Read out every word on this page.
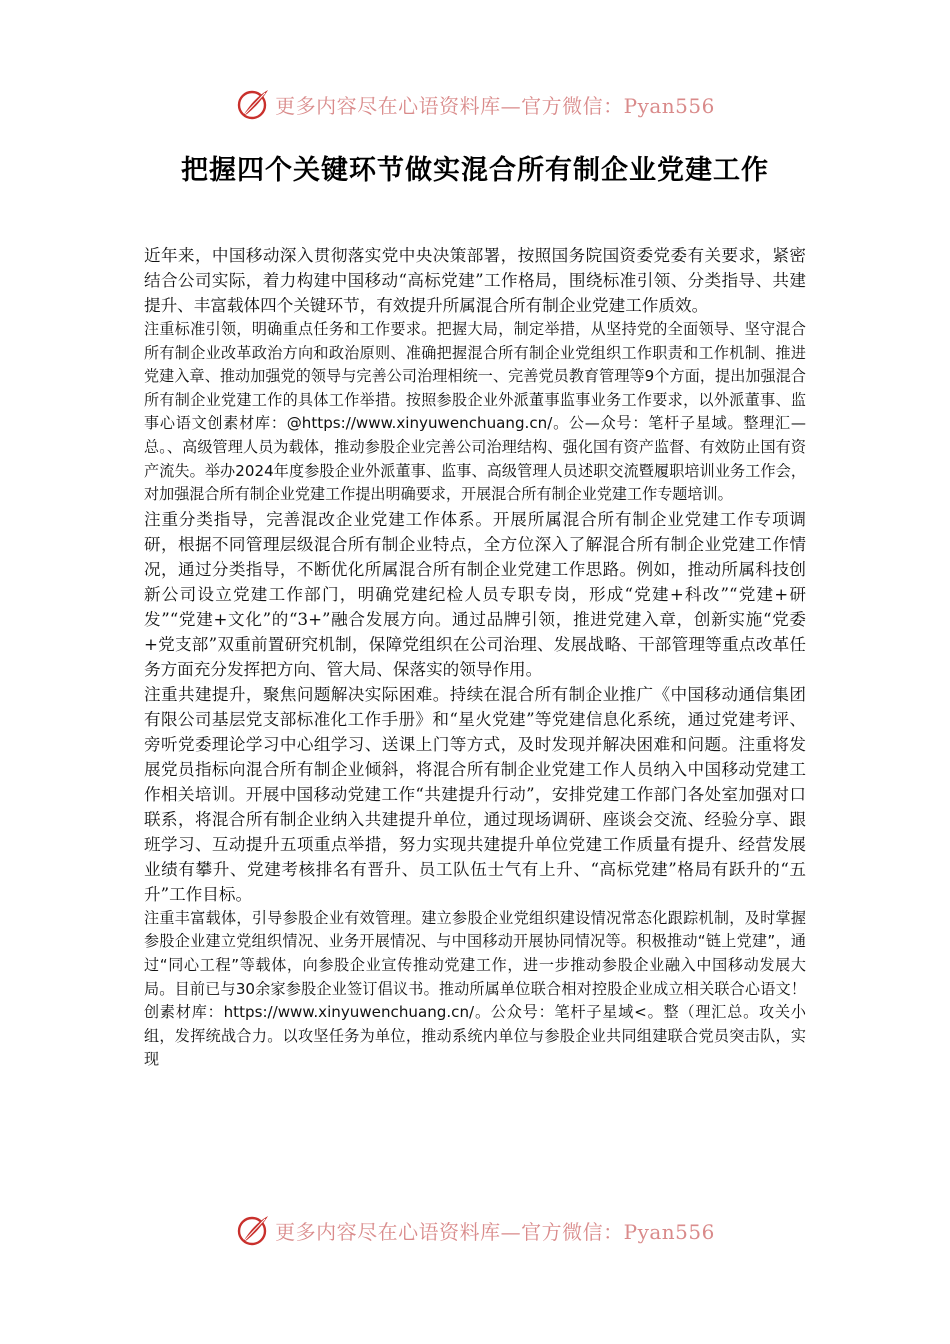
更多内容尽在心语资料库—官方微信：Pyan556
把握四个关键环节做实混合所有制企业党建工作

近年来，中国移动深入贯彻落实党中央决策部署，按照国务院国资委党委有关要求，紧密结合公司实际，着力构建中国移动“高标党建”工作格局，围绕标准引领、分类指导、共建提升、丰富载体四个关键环节，有效提升所属混合所有制企业党建工作质效。

注重标准引领，明确重点任务和工作要求。把握大局，制定举措，从坚持党的全面领导、坚守混合所有制企业改革政治方向和政治原则、准确把握混合所有制企业党组织工作职责和工作机制、推进党建入章、推动加强党的领导与完善公司治理相统一、完善党员教育管理等9个方面，提出加强混合所有制企业党建工作的具体工作举措。按照参股企业外派董事监事业务工作要求，以外派董事、监事心语文创素材库：@https://www.xinyuwenchuang.cn/。公—众号：笔杆子星域。整理汇—总。、高级管理人员为载体，推动参股企业完善公司治理结构、强化国有资产监督、有效防止国有资产流失。举办2024年度参股企业外派董事、监事、高级管理人员述职交流暨履职培训业务工作会，对加强混合所有制企业党建工作提出明确要求，开展混合所有制企业党建工作专题培训。

注重分类指导，完善混改企业党建工作体系。开展所属混合所有制企业党建工作专项调研，根据不同管理层级混合所有制企业特点，全方位深入了解混合所有制企业党建工作情况，通过分类指导，不断优化所属混合所有制企业党建工作思路。例如，推动所属科技创新公司设立党建工作部门，明确党建纪检人员专职专岗，形成“党建+科改”“党建+研发”“党建+文化”的“3+”融合发展方向。通过品牌引领，推进党建入章，创新实施“党委+党支部”双重前置研究机制，保障党组织在公司治理、发展战略、干部管理等重点改革任务方面充分发挥把方向、管大局、保落实的领导作用。

注重共建提升，聚焦问题解决实际困难。持续在混合所有制企业推广《中国移动通信集团有限公司基层党支部标准化工作手册》和“星火党建”等党建信息化系统，通过党建考评、旁听党委理论学习中心组学习、送课上门等方式，及时发现并解决困难和问题。注重将发展党员指标向混合所有制企业倾斜，将混合所有制企业党建工作人员纳入中国移动党建工作相关培训。开展中国移动党建工作“共建提升行动”，安排党建工作部门各处室加强对口联系，将混合所有制企业纳入共建提升单位，通过现场调研、座谈会交流、经验分享、跟班学习、互动提升五项重点举措，努力实现共建提升单位党建工作质量有提升、经营发展业绩有攀升、党建考核排名有晋升、员工队伍士气有上升、“高标党建”格局有跃升的“五升”工作目标。

注重丰富载体，引导参股企业有效管理。建立参股企业党组织建设情况常态化跟踪机制，及时掌握参股企业建立党组织情况、业务开展情况、与中国移动开展协同情况等。积极推动“链上党建”，通过“同心工程”等载体，向参股企业宣传推动党建工作，进一步推动参股企业融入中国移动发展大局。目前已与30余家参股企业签订倡议书。推动所属单位联合相对控股企业成立相关联合心语文！创素材库：https://www.xinyuwenchuang.cn/。公众号：笔杆子星域<。整（理汇总。攻关小组，发挥统战合力。以攻坚任务为单位，推动系统内单位与参股企业共同组建联合党员突击队，实现

更多内容尽在心语资料库—官方微信：Pyan556
